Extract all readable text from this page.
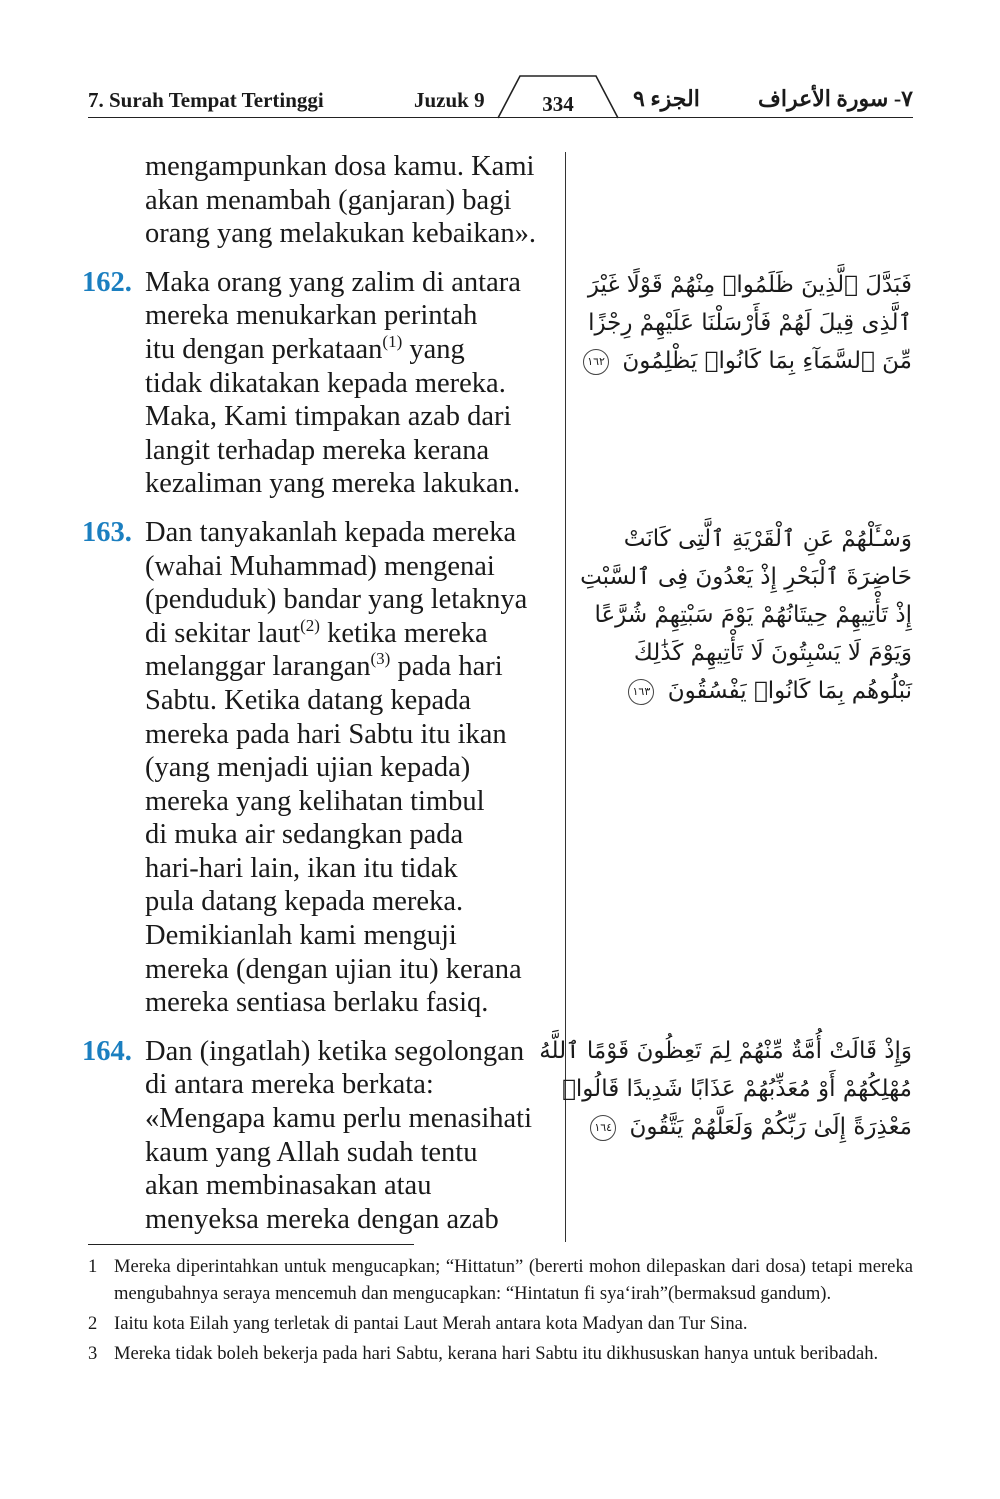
7. Surah Tempat Tertinggi	Juzuk 9	334	الجزء ٩	٧- سورة الأعراف
mengampunkan dosa kamu. Kami
akan menambah (ganjaran) bagi
orang yang melakukan kebaikan».
162. Maka orang yang zalim di antara
mereka menukarkan perintah
itu dengan perkataan$^{(1)}$ yang
tidak dikatakan kepada mereka.
Maka, Kami timpakan azab dari
langit terhadap mereka kerana
kezaliman yang mereka lakukan.
163. Dan tanyakanlah kepada mereka
(wahai Muhammad) mengenai
(penduduk) bandar yang letaknya
di sekitar laut$^{(2)}$ ketika mereka
melanggar larangan$^{(3)}$ pada hari
Sabtu. Ketika datang kepada
mereka pada hari Sabtu itu ikan
(yang menjadi ujian kepada)
mereka yang kelihatan timbul
di muka air sedangkan pada
hari-hari lain, ikan itu tidak
pula datang kepada mereka.
Demikianlah kami menguji
mereka (dengan ujian itu) kerana
mereka sentiasa berlaku fasiq.
164. Dan (ingatlah) ketika segolongan
di antara mereka berkata:
«Mengapa kamu perlu menasihati
kaum yang Allah sudah tentu
akan membinasakan atau
menyeksa mereka dengan azab
فَبَدَّلَ ٱلَّذِينَ ظَلَمُوا۟ مِنْهُمْ قَوْلًا غَيْرَ
ٱلَّذِى قِيلَ لَهُمْ فَأَرْسَلْنَا عَلَيْهِمْ رِجْزًا
مِّنَ ٱلسَّمَآءِ بِمَا كَانُوا۟ يَظْلِمُونَ ١٦٢
وَسْـَٔلْهُمْ عَنِ ٱلْقَرْيَةِ ٱلَّتِى كَانَتْ
حَاضِرَةَ ٱلْبَحْرِ إِذْ يَعْدُونَ فِى ٱلسَّبْتِ
إِذْ تَأْتِيهِمْ حِيتَانُهُمْ يَوْمَ سَبْتِهِمْ شُرَّعًا
وَيَوْمَ لَا يَسْبِتُونَ لَا تَأْتِيهِمْ كَذَٰلِكَ
نَبْلُوهُم بِمَا كَانُوا۟ يَفْسُقُونَ ١٦٣
وَإِذْ قَالَتْ أُمَّةٌ مِّنْهُمْ لِمَ تَعِظُونَ قَوْمًا ٱللَّهُ
مُهْلِكُهُمْ أَوْ مُعَذِّبُهُمْ عَذَابًا شَدِيدًا قَالُوا۟
مَعْذِرَةً إِلَىٰ رَبِّكُمْ وَلَعَلَّهُمْ يَتَّقُونَ ١٦٤
1 Mereka diperintahkan untuk mengucapkan; “Hittatun” (bererti mohon dilepaskan dari dosa) tetapi mereka mengubahnya seraya mencemuh dan mengucapkan: “Hintatun fi sya‘irah”(bermaksud gandum).
2 Iaitu kota Eilah yang terletak di pantai Laut Merah antara kota Madyan dan Tur Sina.
3 Mereka tidak boleh bekerja pada hari Sabtu, kerana hari Sabtu itu dikhususkan hanya untuk beribadah.
